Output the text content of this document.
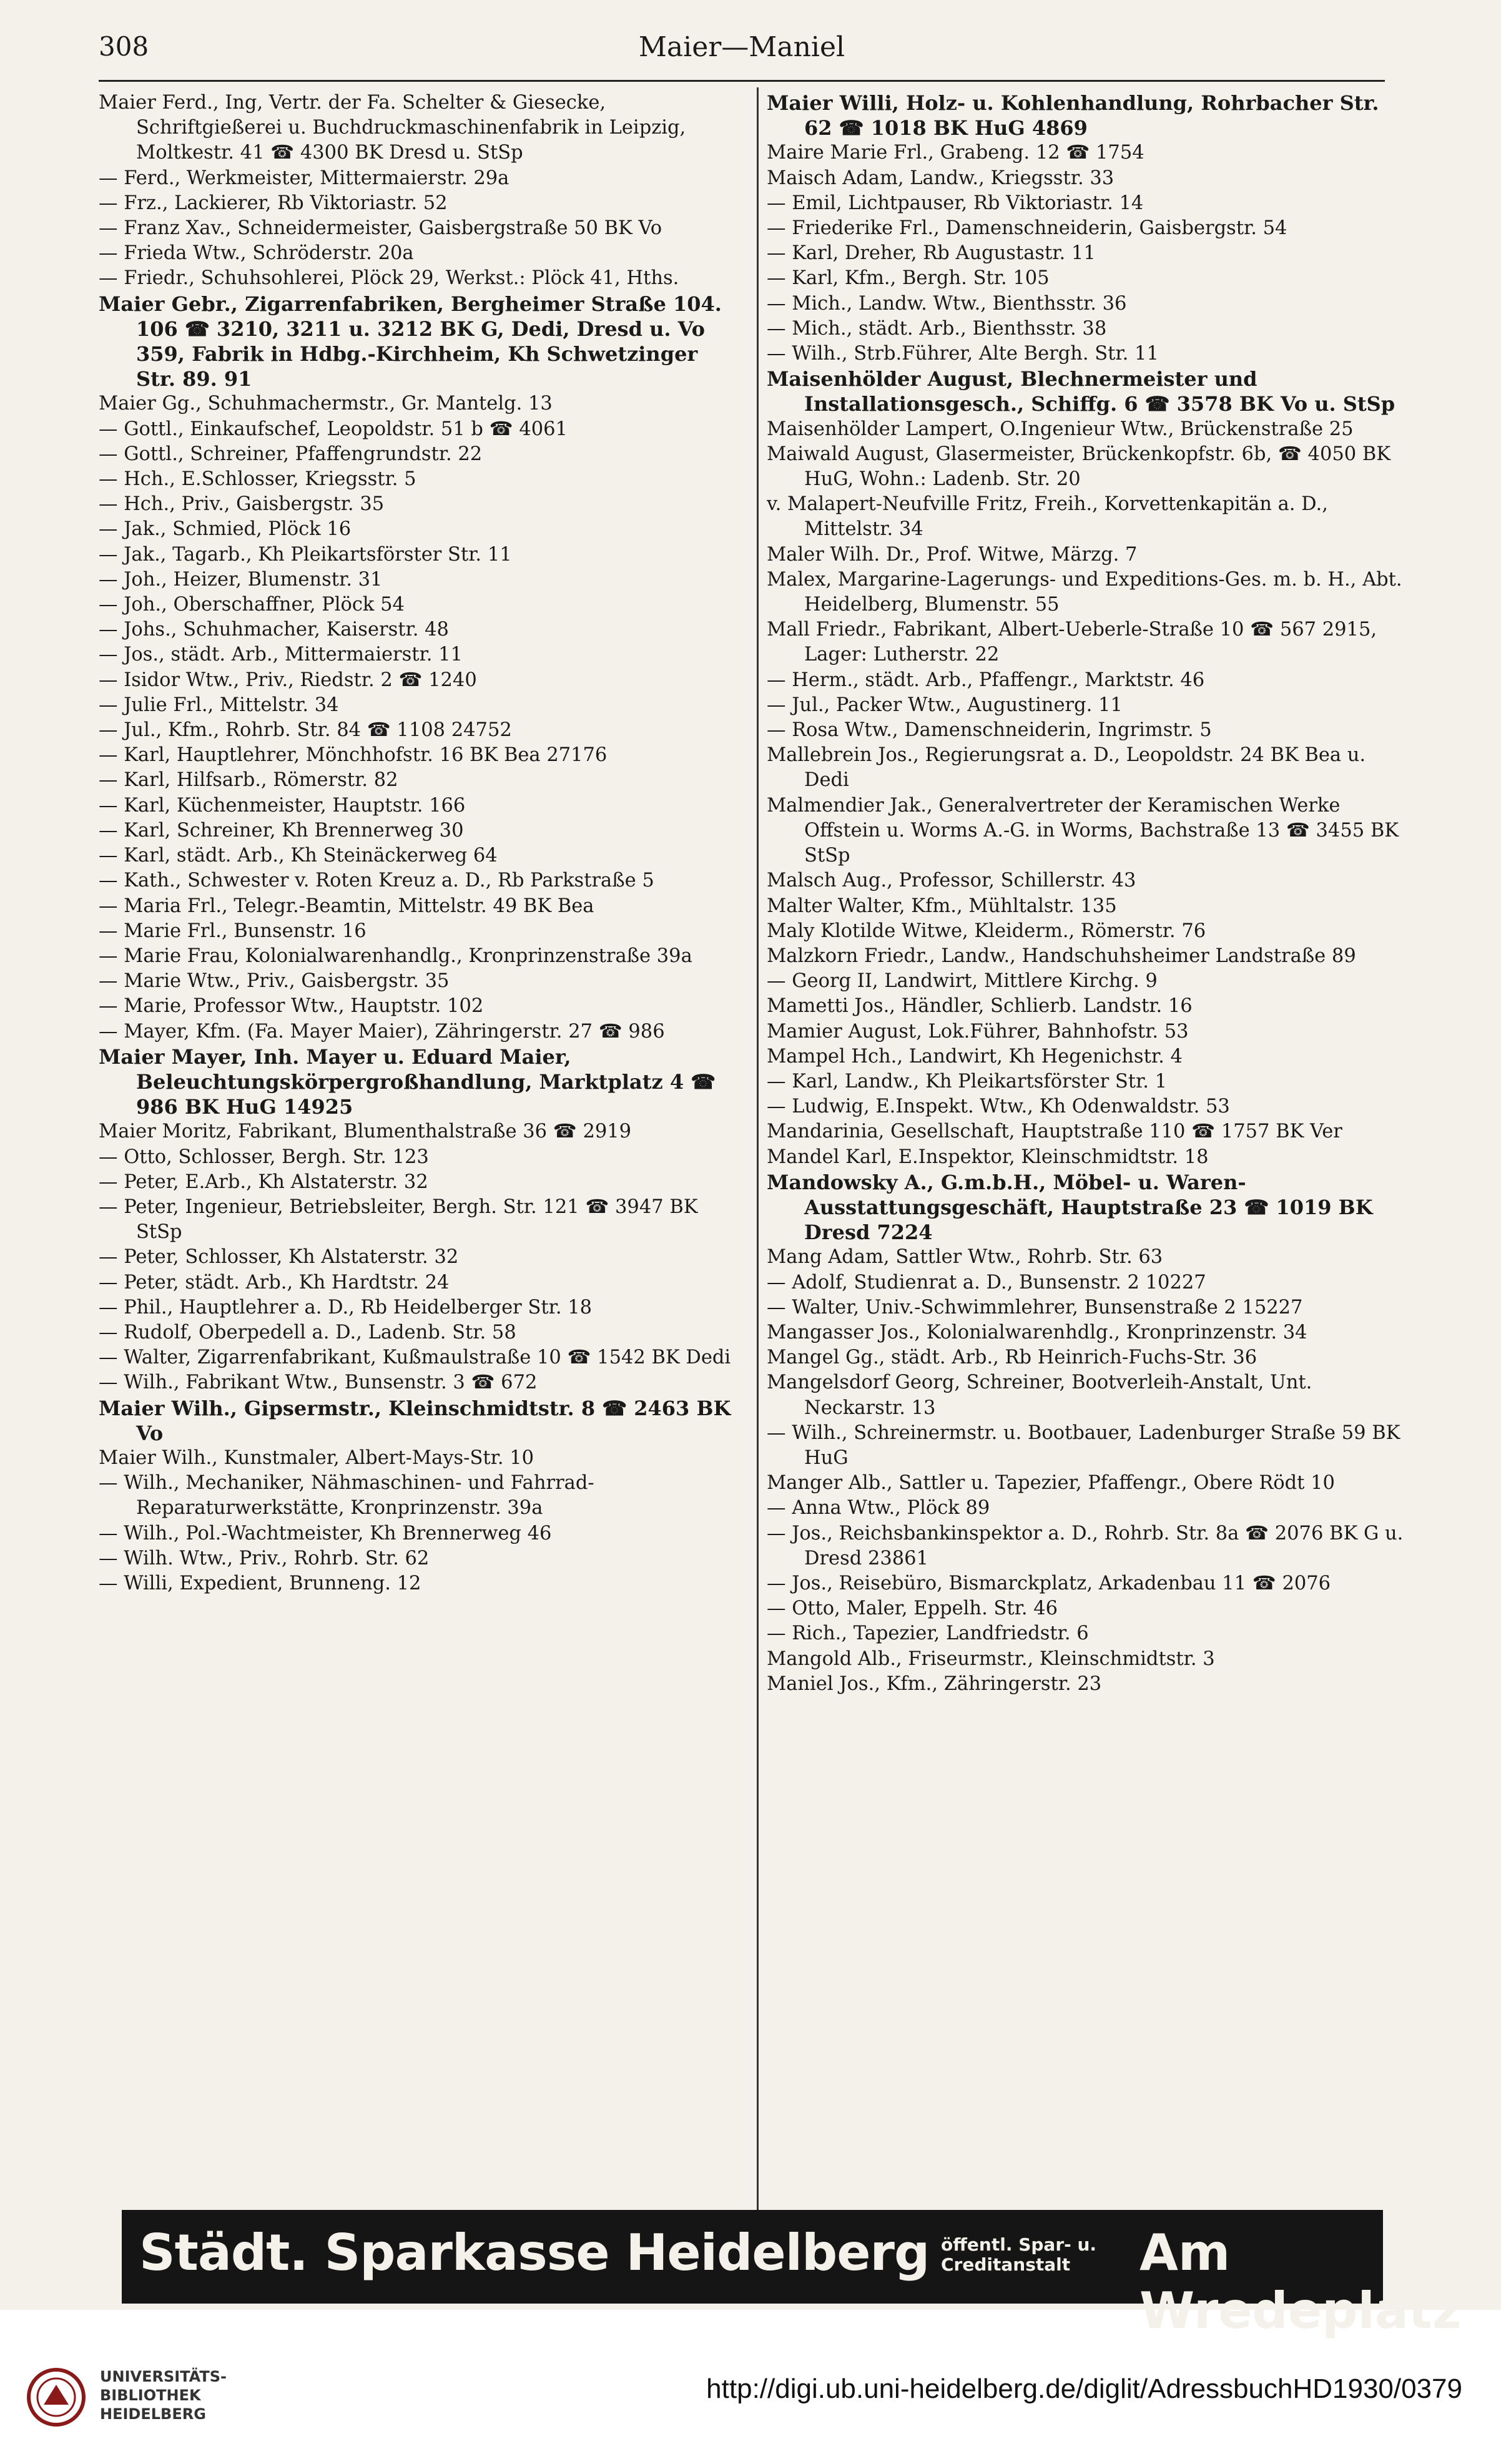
308	Maier—Maniel

Maier Ferd., Ing, Vertr. der Fa. Schelter & Giesecke, Schriftgießerei u. Buchdruckmaschinenfabrik in Leipzig, Moltkestr. 41 ☎ 4300 BK Dresd u. StSp

— Ferd., Werkmeister, Mittermaierstr. 29a

— Frz., Lackierer, Rb Viktoriastr. 52

— Franz Xav., Schneidermeister, Gaisbergstraße 50 BK Vo

— Frieda Wtw., Schröderstr. 20a

— Friedr., Schuhsohlerei, Plöck 29, Werkst.: Plöck 41, Hths.

Maier Gebr., Zigarrenfabriken, Bergheimer Straße 104. 106 ☎ 3210, 3211 u. 3212 BK G, Dedi, Dresd u. Vo 359, Fabrik in Hdbg.-Kirchheim, Kh Schwetzinger Str. 89. 91

Maier Gg., Schuhmachermstr., Gr. Mantelg. 13

— Gottl., Einkaufschef, Leopoldstr. 51 b ☎ 4061

— Gottl., Schreiner, Pfaffengrundstr. 22

— Hch., E.Schlosser, Kriegsstr. 5

— Hch., Priv., Gaisbergstr. 35

— Jak., Schmied, Plöck 16

— Jak., Tagarb., Kh Pleikartsförster Str. 11

— Joh., Heizer, Blumenstr. 31

— Joh., Oberschaffner, Plöck 54

— Johs., Schuhmacher, Kaiserstr. 48

— Jos., städt. Arb., Mittermaierstr. 11

— Isidor Wtw., Priv., Riedstr. 2 ☎ 1240

— Julie Frl., Mittelstr. 34

— Jul., Kfm., Rohrb. Str. 84 ☎ 1108 24752

— Karl, Hauptlehrer, Mönchhofstr. 16 BK Bea 27176

— Karl, Hilfsarb., Römerstr. 82

— Karl, Küchenmeister, Hauptstr. 166

— Karl, Schreiner, Kh Brennerweg 30

— Karl, städt. Arb., Kh Steinäckerweg 64

— Kath., Schwester v. Roten Kreuz a. D., Rb Parkstraße 5

— Maria Frl., Telegr.-Beamtin, Mittelstr. 49 BK Bea

— Marie Frl., Bunsenstr. 16

— Marie Frau, Kolonialwarenhandlg., Kronprinzenstraße 39a

— Marie Wtw., Priv., Gaisbergstr. 35

— Marie, Professor Wtw., Hauptstr. 102

— Mayer, Kfm. (Fa. Mayer Maier), Zähringerstr. 27 ☎ 986

Maier Mayer, Inh. Mayer u. Eduard Maier, Beleuchtungskörpergroßhandlung, Marktplatz 4 ☎ 986 BK HuG 14925

Maier Moritz, Fabrikant, Blumenthalstraße 36 ☎ 2919

— Otto, Schlosser, Bergh. Str. 123

— Peter, E.Arb., Kh Alstaterstr. 32

— Peter, Ingenieur, Betriebsleiter, Bergh. Str. 121 ☎ 3947 BK StSp

— Peter, Schlosser, Kh Alstaterstr. 32

— Peter, städt. Arb., Kh Hardtstr. 24

— Phil., Hauptlehrer a. D., Rb Heidelberger Str. 18

— Rudolf, Oberpedell a. D., Ladenb. Str. 58

— Walter, Zigarrenfabrikant, Kußmaulstraße 10 ☎ 1542 BK Dedi

— Wilh., Fabrikant Wtw., Bunsenstr. 3 ☎ 672

Maier Wilh., Gipsermstr., Kleinschmidtstr. 8 ☎ 2463 BK Vo

Maier Wilh., Kunstmaler, Albert-Mays-Str. 10

— Wilh., Mechaniker, Nähmaschinen- und Fahrrad-Reparaturwerkstätte, Kronprinzenstr. 39a

— Wilh., Pol.-Wachtmeister, Kh Brennerweg 46

— Wilh. Wtw., Priv., Rohrb. Str. 62

— Willi, Expedient, Brunneng. 12

Maier Willi, Holz- u. Kohlenhandlung, Rohrbacher Str. 62 ☎ 1018 BK HuG 4869

Maire Marie Frl., Grabeng. 12 ☎ 1754

Maisch Adam, Landw., Kriegsstr. 33

— Emil, Lichtpauser, Rb Viktoriastr. 14

— Friederike Frl., Damenschneiderin, Gaisbergstr. 54

— Karl, Dreher, Rb Augustastr. 11

— Karl, Kfm., Bergh. Str. 105

— Mich., Landw. Wtw., Bienthsstr. 36

— Mich., städt. Arb., Bienthsstr. 38

— Wilh., Strb.Führer, Alte Bergh. Str. 11

Maisenhölder August, Blechnermeister und Installationsgesch., Schiffg. 6 ☎ 3578 BK Vo u. StSp

Maisenhölder Lampert, O.Ingenieur Wtw., Brückenstraße 25

Maiwald August, Glasermeister, Brückenkopfstr. 6b, ☎ 4050 BK HuG, Wohn.: Ladenb. Str. 20

v. Malapert-Neufville Fritz, Freih., Korvettenkapitän a. D., Mittelstr. 34

Maler Wilh. Dr., Prof. Witwe, Märzg. 7

Malex, Margarine-Lagerungs- und Expeditions-Ges. m. b. H., Abt. Heidelberg, Blumenstr. 55

Mall Friedr., Fabrikant, Albert-Ueberle-Straße 10 ☎ 567 2915, Lager: Lutherstr. 22

— Herm., städt. Arb., Pfaffengr., Marktstr. 46

— Jul., Packer Wtw., Augustinerg. 11

— Rosa Wtw., Damenschneiderin, Ingrimstr. 5

Mallebrein Jos., Regierungsrat a. D., Leopoldstr. 24 BK Bea u. Dedi

Malmendier Jak., Generalvertreter der Keramischen Werke Offstein u. Worms A.-G. in Worms, Bachstraße 13 ☎ 3455 BK StSp

Malsch Aug., Professor, Schillerstr. 43

Malter Walter, Kfm., Mühltalstr. 135

Maly Klotilde Witwe, Kleiderm., Römerstr. 76

Malzkorn Friedr., Landw., Handschuhsheimer Landstraße 89

— Georg II, Landwirt, Mittlere Kirchg. 9

Mametti Jos., Händler, Schlierb. Landstr. 16

Mamier August, Lok.Führer, Bahnhofstr. 53

Mampel Hch., Landwirt, Kh Hegenichstr. 4

— Karl, Landw., Kh Pleikartsförster Str. 1

— Ludwig, E.Inspekt. Wtw., Kh Odenwaldstr. 53

Mandarinia, Gesellschaft, Hauptstraße 110 ☎ 1757 BK Ver

Mandel Karl, E.Inspektor, Kleinschmidtstr. 18

Mandowsky A., G.m.b.H., Möbel- u. Waren-Ausstattungsgeschäft, Hauptstraße 23 ☎ 1019 BK Dresd 7224

Mang Adam, Sattler Wtw., Rohrb. Str. 63

— Adolf, Studienrat a. D., Bunsenstr. 2 10227

— Walter, Univ.-Schwimmlehrer, Bunsenstraße 2 15227

Mangasser Jos., Kolonialwarenhdlg., Kronprinzenstr. 34

Mangel Gg., städt. Arb., Rb Heinrich-Fuchs-Str. 36

Mangelsdorf Georg, Schreiner, Bootverleih-Anstalt, Unt. Neckarstr. 13

— Wilh., Schreinermstr. u. Bootbauer, Ladenburger Straße 59 BK HuG

Manger Alb., Sattler u. Tapezier, Pfaffengr., Obere Rödt 10

— Anna Wtw., Plöck 89

— Jos., Reichsbankinspektor a. D., Rohrb. Str. 8a ☎ 2076 BK G u. Dresd 23861

— Jos., Reisebüro, Bismarckplatz, Arkadenbau 11 ☎ 2076

— Otto, Maler, Eppelh. Str. 46

— Rich., Tapezier, Landfriedstr. 6

Mangold Alb., Friseurmstr., Kleinschmidtstr. 3

Maniel Jos., Kfm., Zähringerstr. 23

Städt. Sparkasse Heidelberg öffentl. Spar- u.
Creditanstalt	Am Wredeplatz
UNIVERSITÄTS-
BIBLIOTHEK
HEIDELBERG
http://digi.ub.uni-heidelberg.de/diglit/AdressbuchHD1930/0379
